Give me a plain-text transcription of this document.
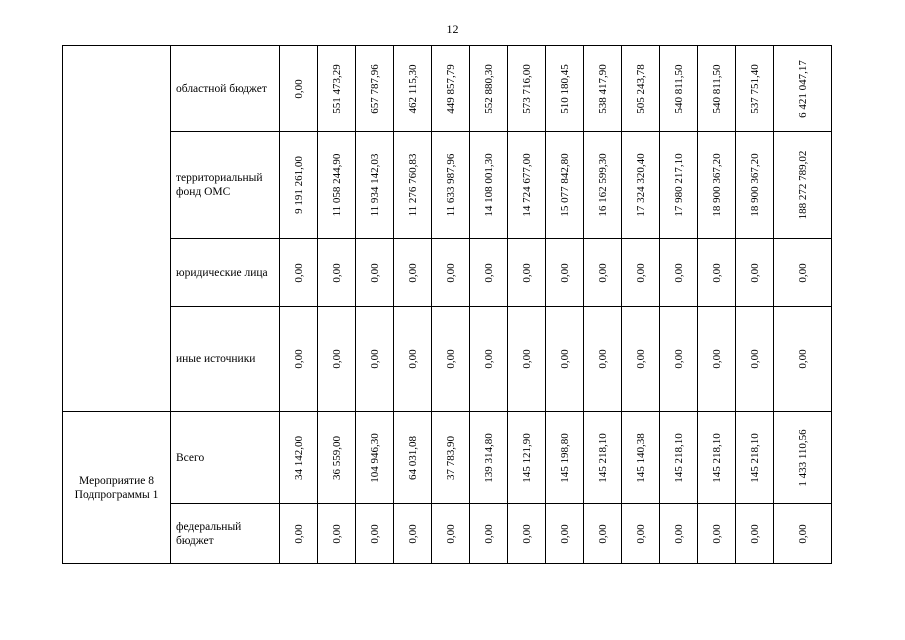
12
	областной бюджет	0,00	551 473,29	657 787,96	462 115,30	449 857,79	552 880,30	573 716,00	510 180,45	538 417,90	505 243,78	540 811,50	540 811,50	537 751,40	6 421 047,17

	территориальный фонд ОМС	9 191 261,00	11 058 244,90	11 934 142,03	11 276 760,83	11 633 987,96	14 108 001,30	14 724 677,00	15 077 842,80	16 162 599,30	17 324 320,40	17 980 217,10	18 900 367,20	18 900 367,20	188 272 789,02

	юридические лица	0,00	0,00	0,00	0,00	0,00	0,00	0,00	0,00	0,00	0,00	0,00	0,00	0,00	0,00

	иные источники	0,00	0,00	0,00	0,00	0,00	0,00	0,00	0,00	0,00	0,00	0,00	0,00	0,00	0,00

Мероприятие 8 Подпрограммы 1	Всего	34 142,00	36 559,00	104 946,30	64 031,08	37 783,90	139 314,80	145 121,90	145 198,80	145 218,10	145 140,38	145 218,10	145 218,10	145 218,10	1 433 110,56

	федеральный бюджет	0,00	0,00	0,00	0,00	0,00	0,00	0,00	0,00	0,00	0,00	0,00	0,00	0,00	0,00
